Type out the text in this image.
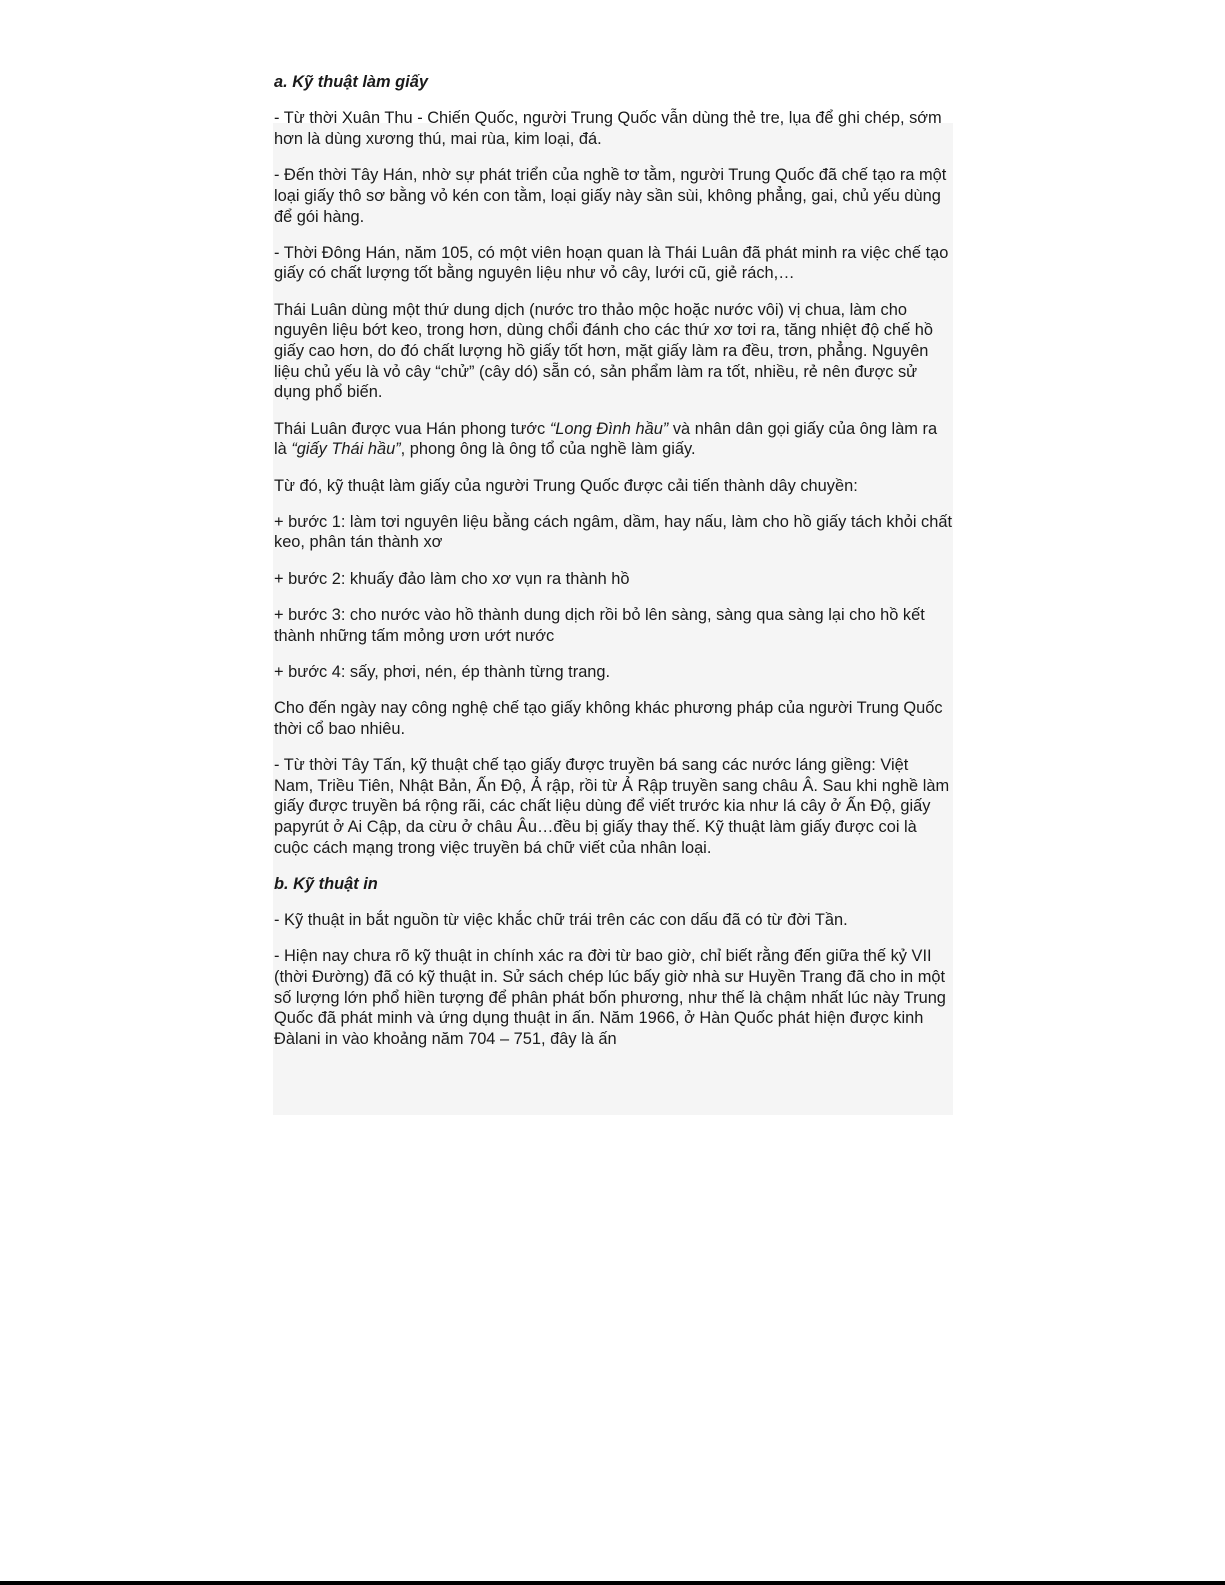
a. Kỹ thuật làm giấy

- Từ thời Xuân Thu - Chiến Quốc, người Trung Quốc vẫn dùng thẻ tre, lụa để ghi chép, sớm hơn là dùng xương thú, mai rùa, kim loại, đá.

- Đến thời Tây Hán, nhờ sự phát triển của nghề tơ tằm, người Trung Quốc đã chế tạo ra một loại giấy thô sơ bằng vỏ kén con tằm, loại giấy này sần sùi, không phẳng, gai, chủ yếu dùng để gói hàng.

- Thời Đông Hán, năm 105, có một viên hoạn quan là Thái Luân đã phát minh ra việc chế tạo giấy có chất lượng tốt bằng nguyên liệu như vỏ cây, lưới cũ, giẻ rách,…

Thái Luân dùng một thứ dung dịch (nước tro thảo mộc hoặc nước vôi) vị chua, làm cho nguyên liệu bớt keo, trong hơn, dùng chổi đánh cho các thứ xơ tơi ra, tăng nhiệt độ chế hồ giấy cao hơn, do đó chất lượng hồ giấy tốt hơn, mặt giấy làm ra đều, trơn, phẳng. Nguyên liệu chủ yếu là vỏ cây “chử” (cây dó) sẵn có, sản phẩm làm ra tốt, nhiều, rẻ nên được sử dụng phổ biến.

Thái Luân được vua Hán phong tước “Long Đình hầu” và nhân dân gọi giấy của ông làm ra là “giấy Thái hầu”, phong ông là ông tổ của nghề làm giấy.

Từ đó, kỹ thuật làm giấy của người Trung Quốc được cải tiến thành dây chuyền:

+ bước 1: làm tơi nguyên liệu bằng cách ngâm, dầm, hay nấu, làm cho hồ giấy tách khỏi chất keo, phân tán thành xơ

+ bước 2: khuấy đảo làm cho xơ vụn ra thành hồ

+ bước 3: cho nước vào hồ thành dung dịch rồi bỏ lên sàng, sàng qua sàng lại cho hồ kết thành những tấm mỏng ươn ướt nước

+ bước 4: sấy, phơi, nén, ép thành từng trang.

Cho đến ngày nay công nghệ chế tạo giấy không khác phương pháp của người Trung Quốc thời cổ bao nhiêu.

- Từ thời Tây Tấn, kỹ thuật chế tạo giấy được truyền bá sang các nước láng giềng: Việt Nam, Triều Tiên, Nhật Bản, Ấn Độ, Ả rập, rồi từ Ả Rập truyền sang châu Â. Sau khi nghề làm giấy được truyền bá rộng rãi, các chất liệu dùng để viết trước kia như lá cây ở Ấn Độ, giấy papyrút ở Ai Cập, da cừu ở châu Âu…đều bị giấy thay thế. Kỹ thuật làm giấy được coi là cuộc cách mạng trong việc truyền bá chữ viết của nhân loại.

b. Kỹ thuật in

- Kỹ thuật in bắt nguồn từ việc khắc chữ trái trên các con dấu đã có từ đời Tần.

- Hiện nay chưa rõ kỹ thuật in chính xác ra đời từ bao giờ, chỉ biết rằng đến giữa thế kỷ VII (thời Đường) đã có kỹ thuật in. Sử sách chép lúc bấy giờ nhà sư Huyền Trang đã cho in một số lượng lớn phổ hiền tượng để phân phát bốn phương, như thế là chậm nhất lúc này Trung Quốc đã phát minh và ứng dụng thuật in ấn. Năm 1966, ở Hàn Quốc phát hiện được kinh Đàlani in vào khoảng năm 704 – 751, đây là ấn
